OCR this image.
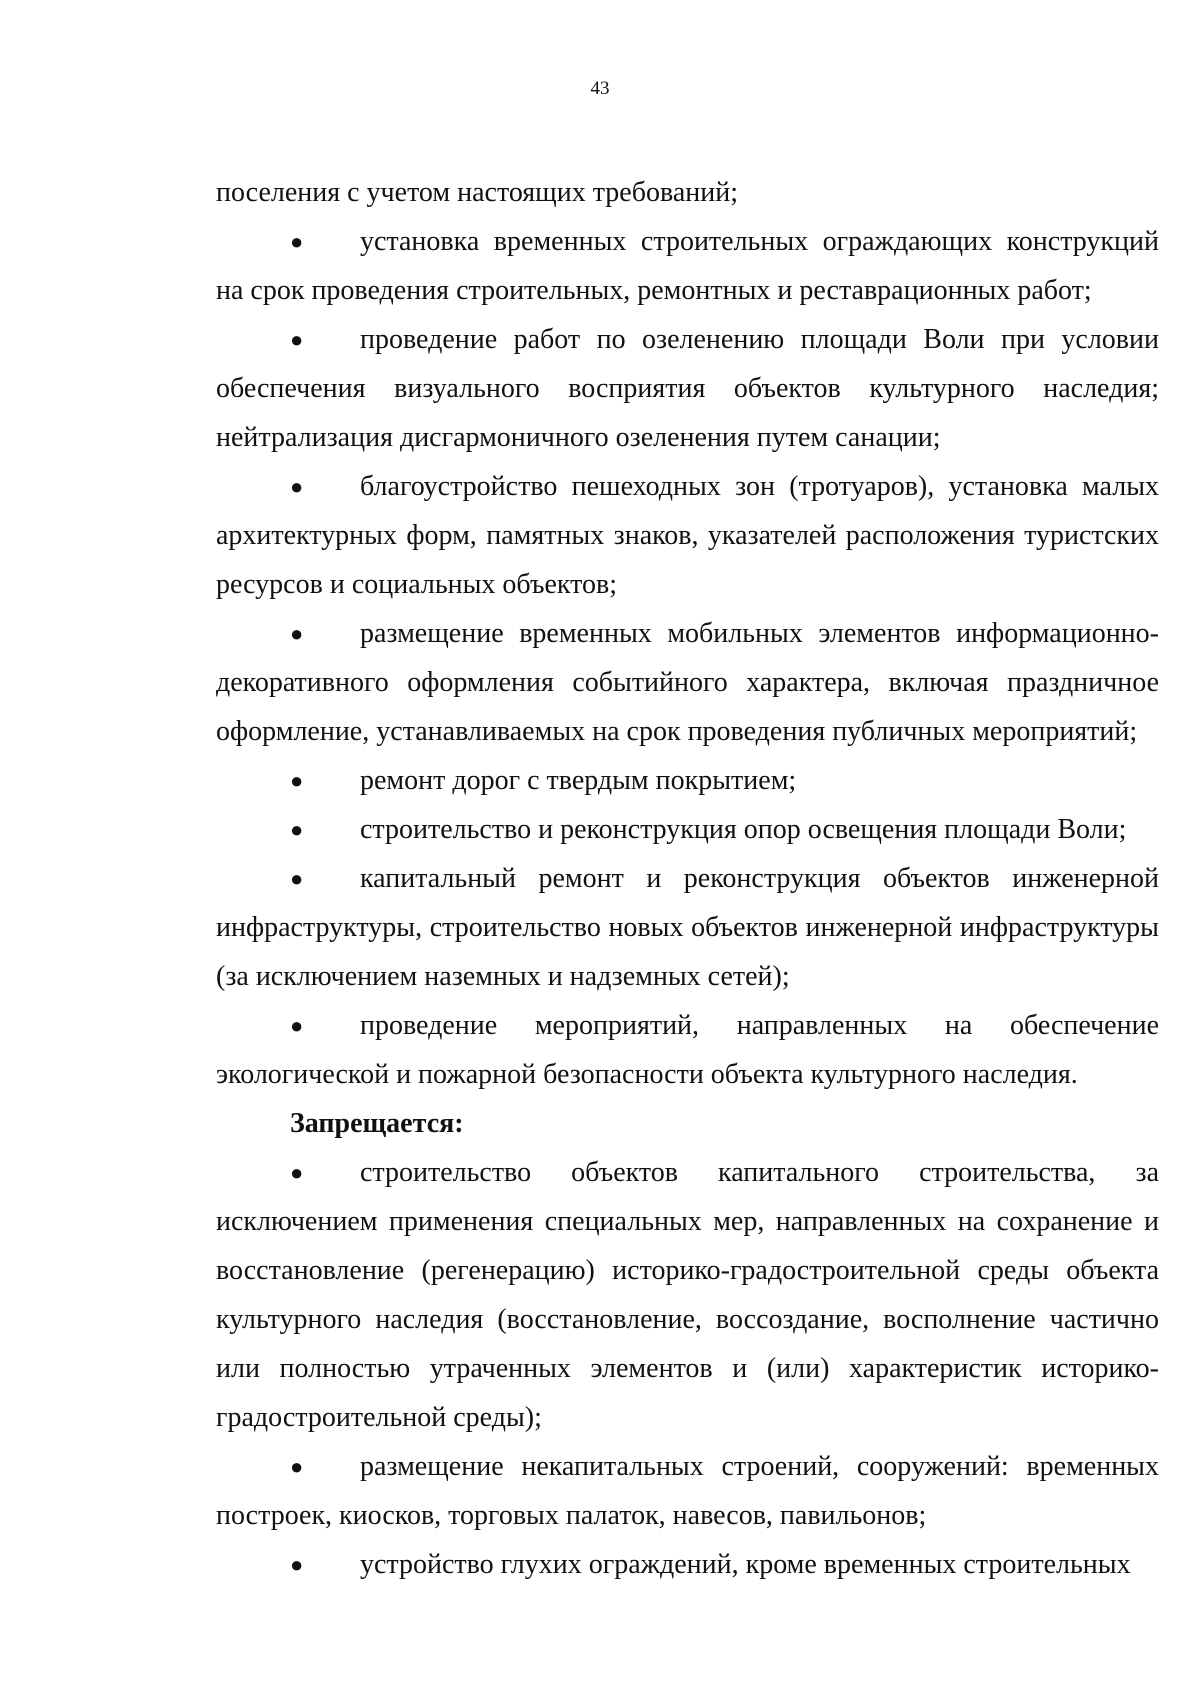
43

поселения с учетом настоящих требований;

●	установка временных строительных ограждающих конструкций на срок проведения строительных, ремонтных и реставрационных работ;

●	проведение работ по озеленению площади Воли при условии обеспечения визуального восприятия объектов культурного наследия; нейтрализация дисгармоничного озеленения путем санации;

●	благоустройство пешеходных зон (тротуаров), установка малых архитектурных форм, памятных знаков, указателей расположения туристских ресурсов и социальных объектов;

●	размещение временных мобильных элементов информационно-декоративного оформления событийного характера, включая праздничное оформление, устанавливаемых на срок проведения публичных мероприятий;

●	ремонт дорог с твердым покрытием;

●	строительство и реконструкция опор освещения площади Воли;

●	капитальный ремонт и реконструкция объектов инженерной инфраструктуры, строительство новых объектов инженерной инфраструктуры (за исключением наземных и надземных сетей);

●	проведение мероприятий, направленных на обеспечение экологической и пожарной безопасности объекта культурного наследия.

Запрещается:

●	строительство объектов капитального строительства, за исключением применения специальных мер, направленных на сохранение и восстановление (регенерацию) историко-градостроительной среды объекта культурного наследия (восстановление, воссоздание, восполнение частично или полностью утраченных элементов и (или) характеристик историко-градостроительной среды);

●	размещение некапитальных строений, сооружений: временных построек, киосков, торговых палаток, навесов, павильонов;

●	устройство глухих ограждений, кроме временных строительных
